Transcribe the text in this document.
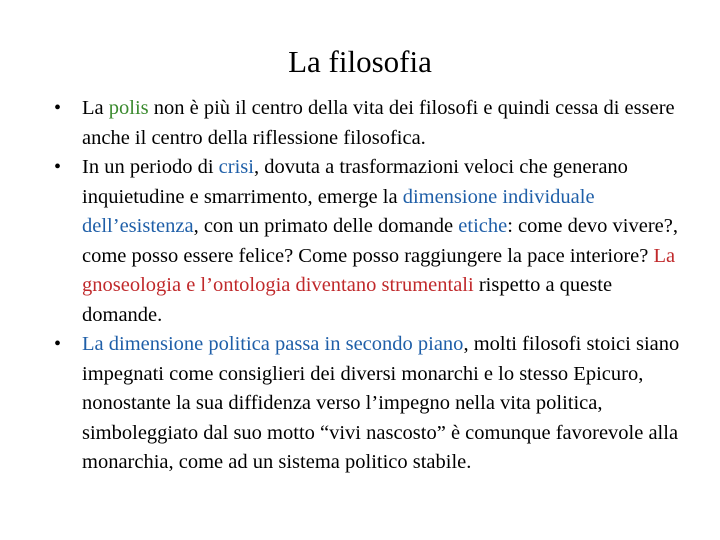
La filosofia
• La polis non è più il centro della vita dei filosofi e quindi cessa di essere anche il centro della riflessione filosofica.
• In un periodo di crisi, dovuta a trasformazioni veloci che generano inquietudine e smarrimento, emerge la dimensione individuale dell’esistenza, con un primato delle domande etiche: come devo vivere?, come posso essere felice? Come posso raggiungere la pace interiore? La gnoseologia e l’ontologia diventano strumentali rispetto a queste domande.
• La dimensione politica passa in secondo piano, molti filosofi stoici siano impegnati come consiglieri dei diversi monarchi e lo stesso Epicuro, nonostante la sua diffidenza verso l’impegno nella vita politica, simboleggiato dal suo motto “vivi nascosto” è comunque favorevole alla monarchia, come ad un sistema politico stabile.
